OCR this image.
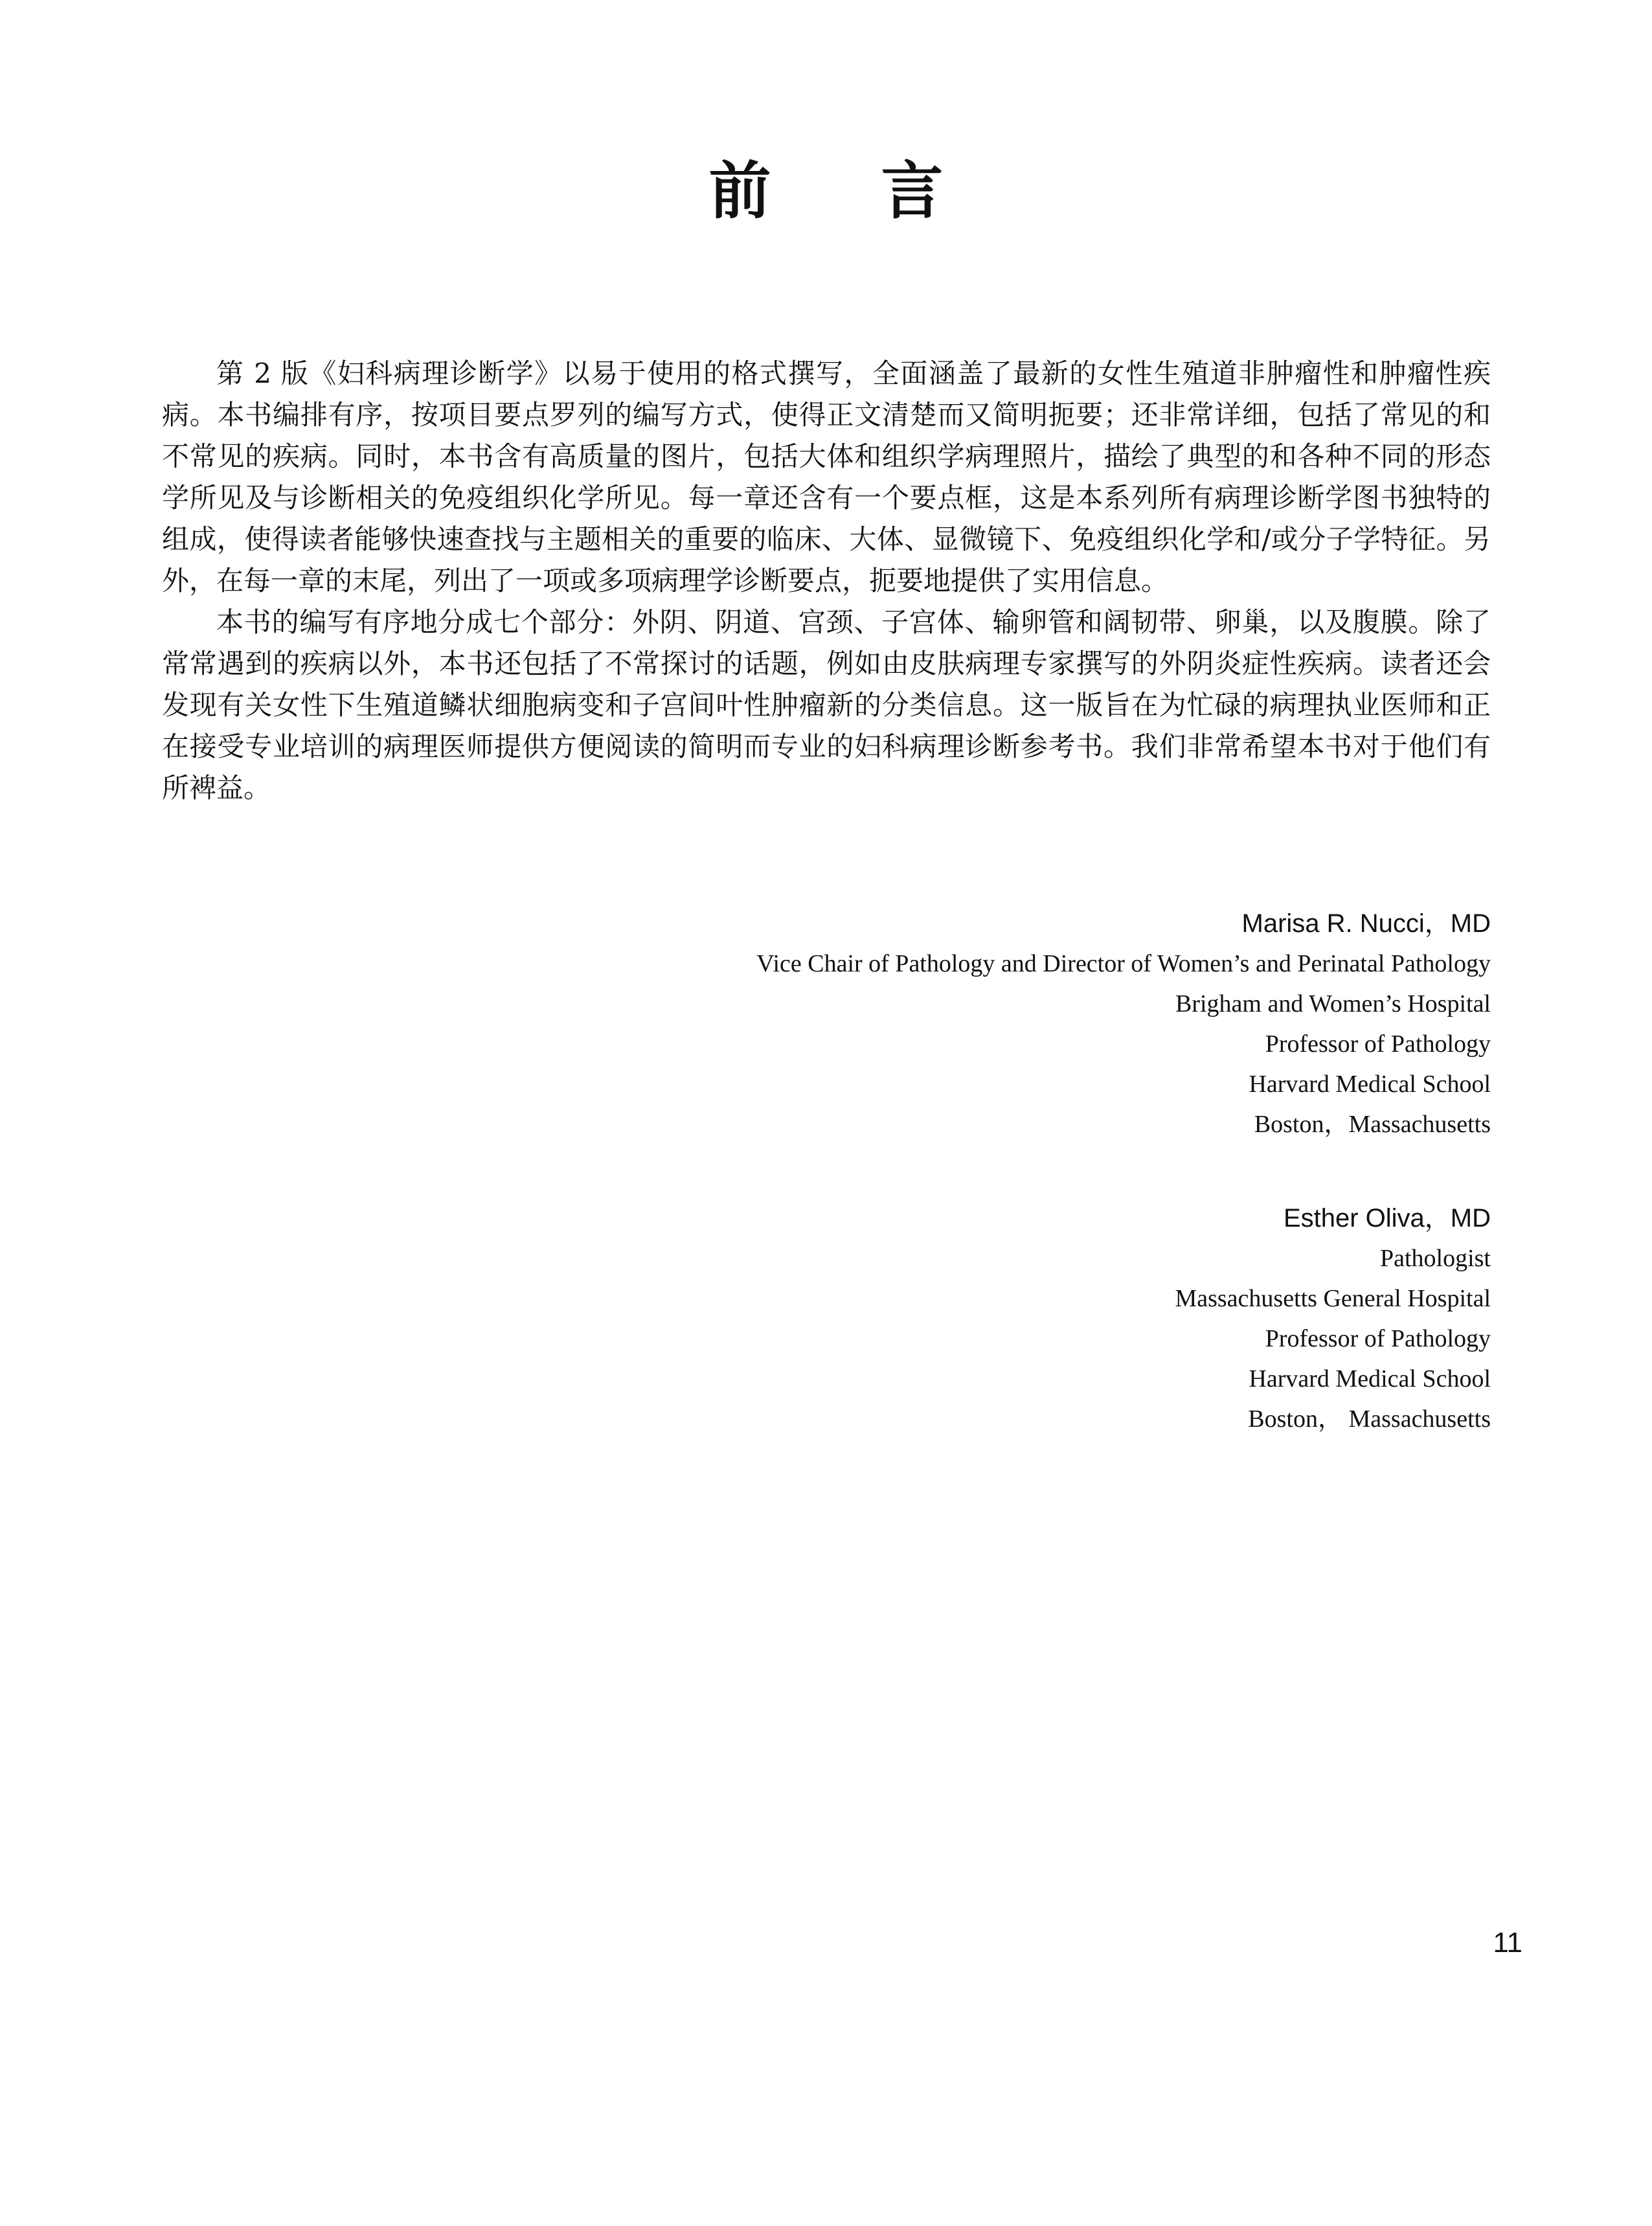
前 言

第 2 版《妇科病理诊断学》以易于使用的格式撰写，全面涵盖了最新的女性生殖道非肿瘤性和肿瘤性疾病。本书编排有序，按项目要点罗列的编写方式，使得正文清楚而又简明扼要；还非常详细，包括了常见的和不常见的疾病。同时，本书含有高质量的图片，包括大体和组织学病理照片，描绘了典型的和各种不同的形态学所见及与诊断相关的免疫组织化学所见。每一章还含有一个要点框，这是本系列所有病理诊断学图书独特的组成，使得读者能够快速查找与主题相关的重要的临床、大体、显微镜下、免疫组织化学和/或分子学特征。另外，在每一章的末尾，列出了一项或多项病理学诊断要点，扼要地提供了实用信息。

本书的编写有序地分成七个部分：外阴、阴道、宫颈、子宫体、输卵管和阔韧带、卵巢，以及腹膜。除了常常遇到的疾病以外，本书还包括了不常探讨的话题，例如由皮肤病理专家撰写的外阴炎症性疾病。读者还会发现有关女性下生殖道鳞状细胞病变和子宫间叶性肿瘤新的分类信息。这一版旨在为忙碌的病理执业医师和正在接受专业培训的病理医师提供方便阅读的简明而专业的妇科病理诊断参考书。我们非常希望本书对于他们有所裨益。

Marisa R. Nucci，MD
Vice Chair of Pathology and Director of Women’s and Perinatal Pathology
Brigham and Women’s Hospital
Professor of Pathology
Harvard Medical School
Boston，Massachusetts
Esther Oliva，MD
Pathologist
Massachusetts General Hospital
Professor of Pathology
Harvard Medical School
Boston， Massachusetts
11
